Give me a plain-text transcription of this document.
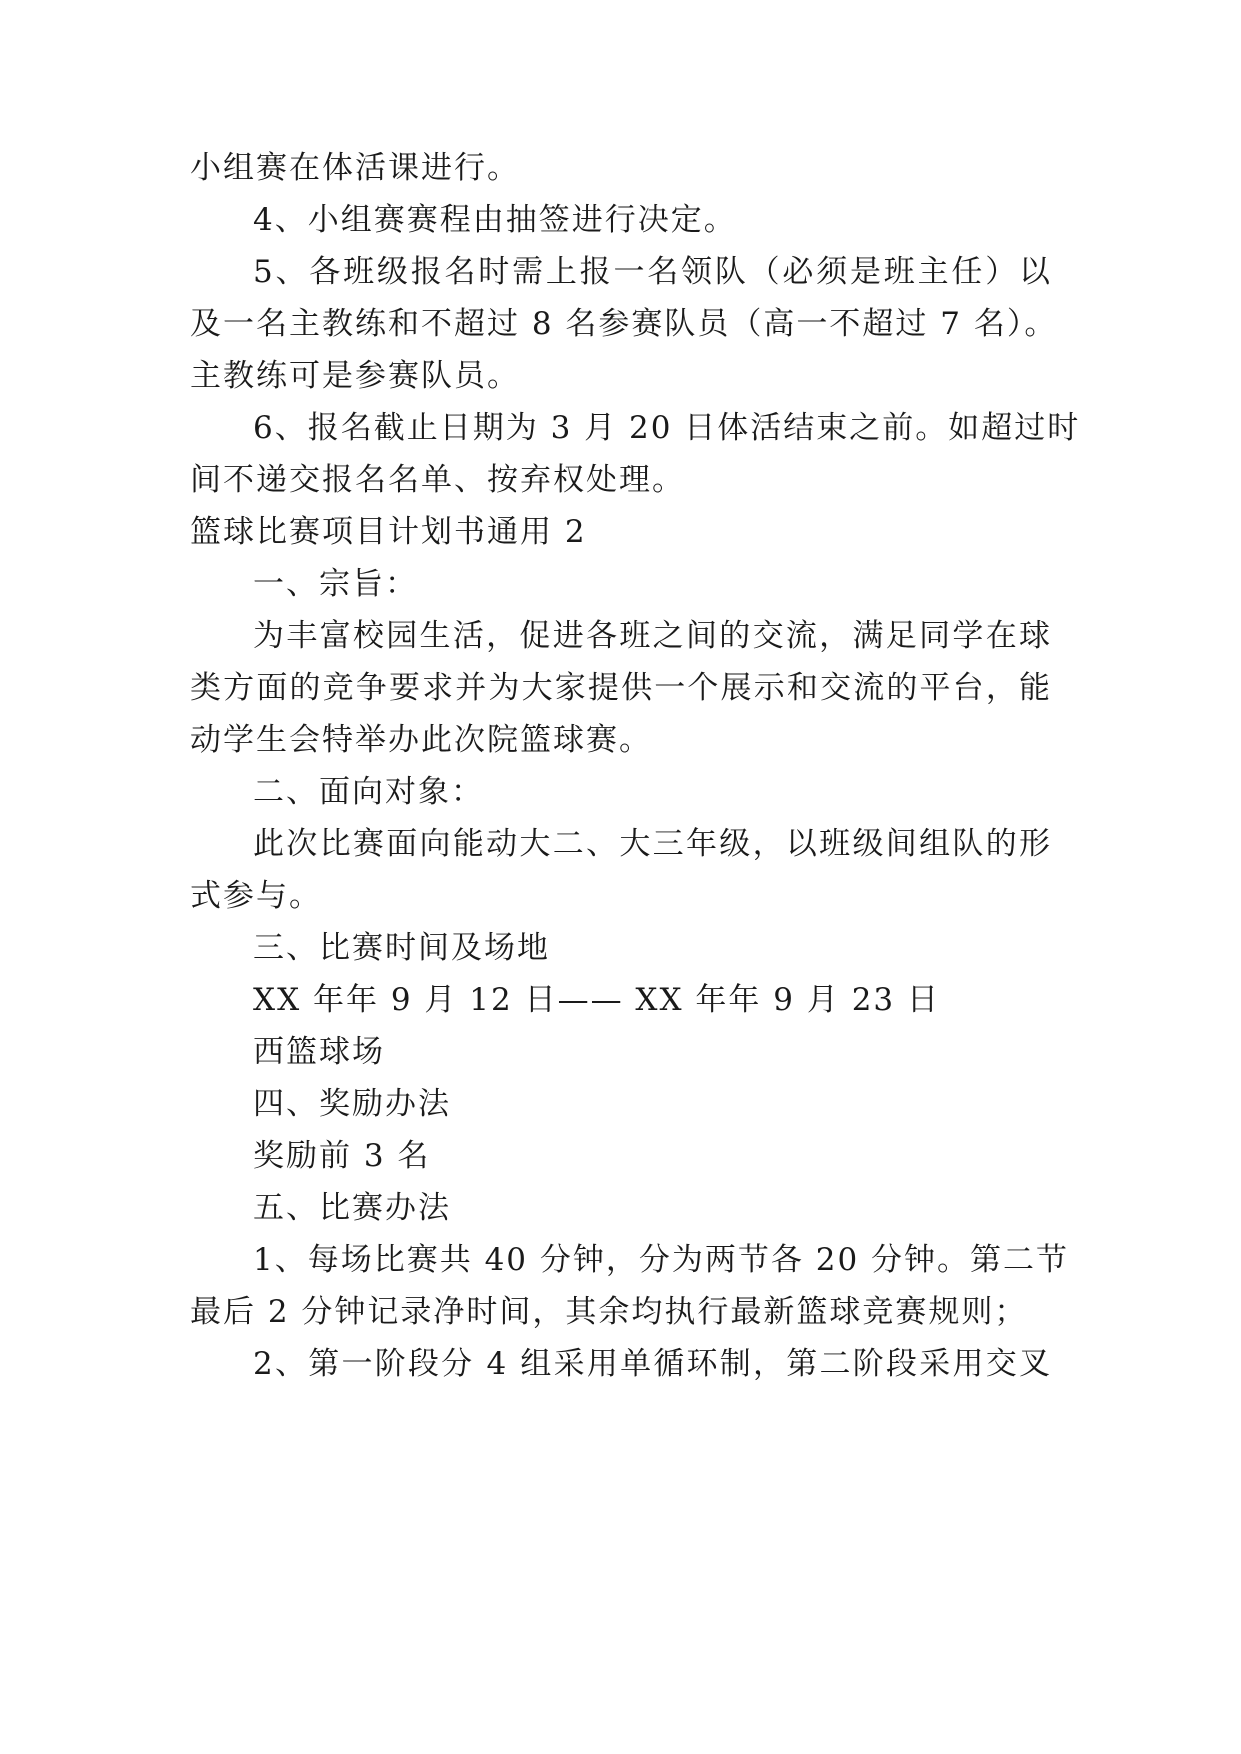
小组赛在体活课进行。
4、小组赛赛程由抽签进行决定。
5、各班级报名时需上报一名领队（必须是班主任）以
及一名主教练和不超过 8 名参赛队员（高一不超过 7 名）。
主教练可是参赛队员。
6、报名截止日期为 3 月 20 日体活结束之前。如超过时
间不递交报名名单、按弃权处理。
篮球比赛项目计划书通用 2
一、宗旨：
为丰富校园生活，促进各班之间的交流，满足同学在球
类方面的竞争要求并为大家提供一个展示和交流的平台，能
动学生会特举办此次院篮球赛。
二、面向对象：
此次比赛面向能动大二、大三年级，以班级间组队的形
式参与。
三、比赛时间及场地
XX 年年 9 月 12 日—— XX 年年 9 月 23 日
西篮球场
四、奖励办法
奖励前 3 名
五、比赛办法
1、每场比赛共 40 分钟，分为两节各 20 分钟。第二节
最后 2 分钟记录净时间，其余均执行最新篮球竞赛规则；
2、第一阶段分 4 组采用单循环制，第二阶段采用交叉
